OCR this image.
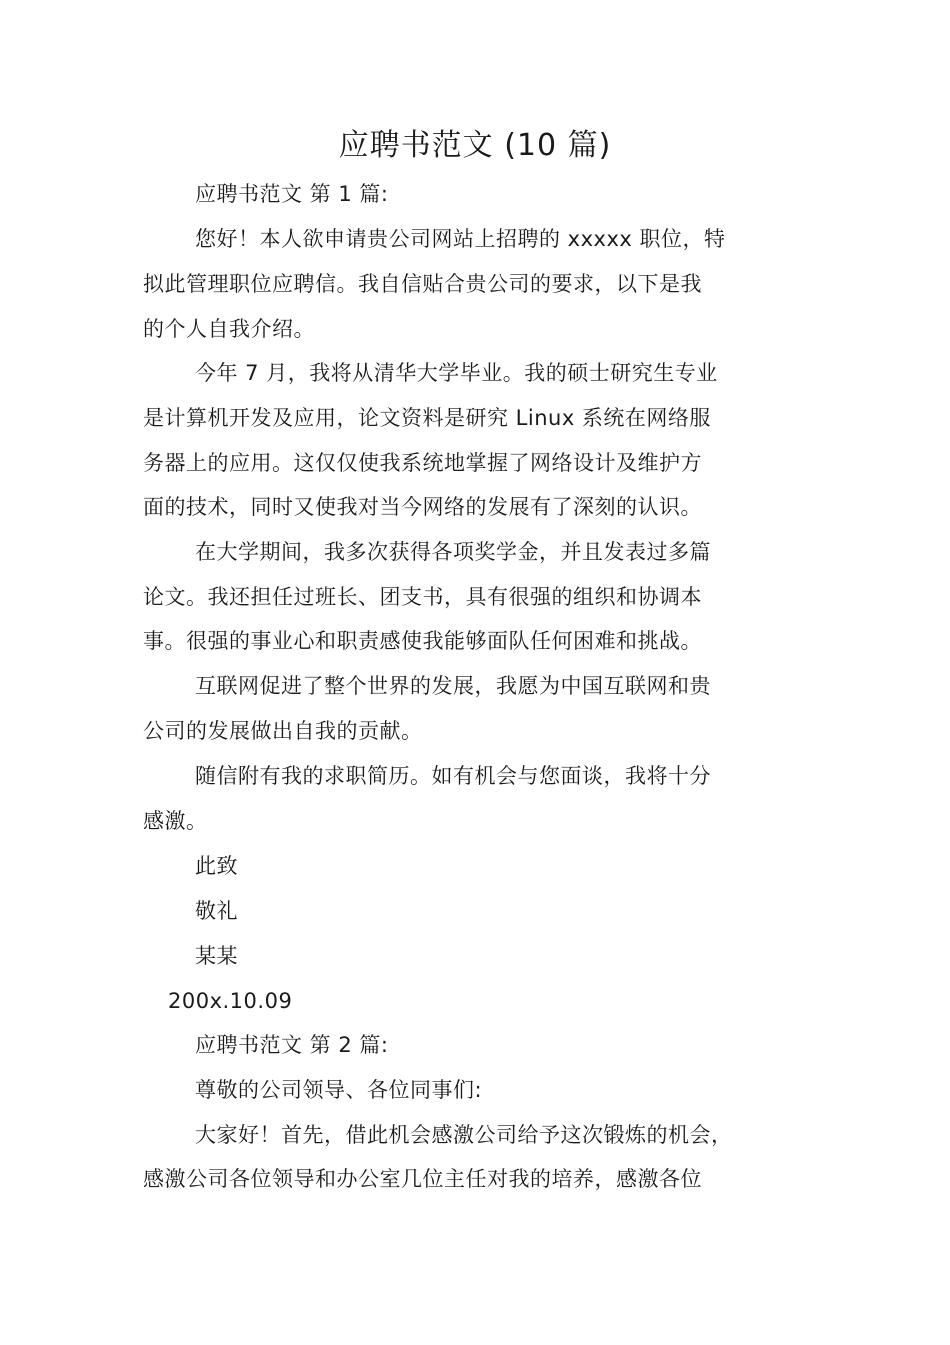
应聘书范文 (10 篇)
应聘书范文 第 1 篇:
您好！本人欲申请贵公司网站上招聘的 xxxxx 职位，特
拟此管理职位应聘信。我自信贴合贵公司的要求，以下是我
的个人自我介绍。
今年 7 月，我将从清华大学毕业。我的硕士研究生专业
是计算机开发及应用，论文资料是研究 Linux 系统在网络服
务器上的应用。这仅仅使我系统地掌握了网络设计及维护方
面的技术，同时又使我对当今网络的发展有了深刻的认识。
在大学期间，我多次获得各项奖学金，并且发表过多篇
论文。我还担任过班长、团支书，具有很强的组织和协调本
事。很强的事业心和职责感使我能够面队任何困难和挑战。
互联网促进了整个世界的发展，我愿为中国互联网和贵
公司的发展做出自我的贡献。
随信附有我的求职简历。如有机会与您面谈，我将十分
感激。
此致
敬礼
某某
200x.10.09
应聘书范文 第 2 篇:
尊敬的公司领导、各位同事们:
大家好！首先，借此机会感激公司给予这次锻炼的机会，
感激公司各位领导和办公室几位主任对我的培养，感激各位
